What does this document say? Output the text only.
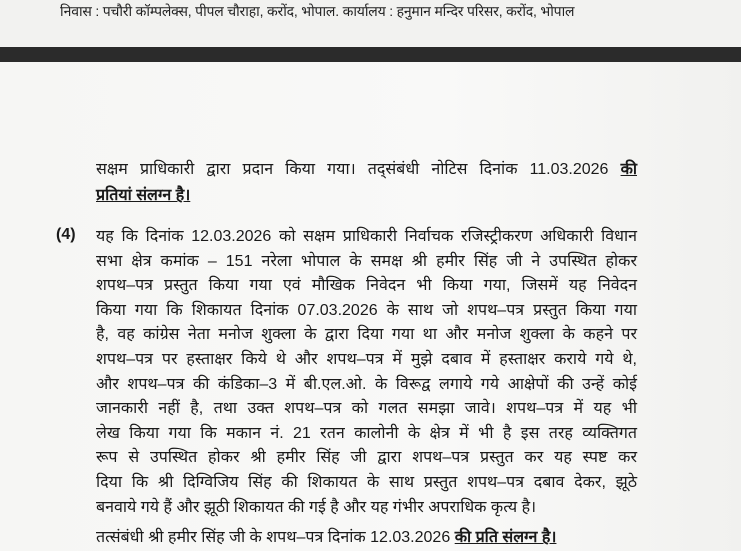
निवास : पचौरी कॉम्पलेक्स, पीपल चौराहा, करोंद, भोपाल. कार्यालय : हनुमान मन्दिर परिसर, करोंद, भोपाल
सक्षम प्राधिकारी द्वारा प्रदान किया गया। तद्संबंधी नोटिस दिनांक 11.03.2026 की
प्रतियां संलग्न है।
(4) यह कि दिनांक 12.03.2026 को सक्षम प्राधिकारी निर्वाचक रजिस्ट्रीकरण अधिकारी विधान
सभा क्षेत्र कमांक – 151 नरेला भोपाल के समक्ष श्री हमीर सिंह जी ने उपस्थित होकर
शपथ–पत्र प्रस्तुत किया गया एवं मौखिक निवेदन भी किया गया, जिसमें यह निवेदन
किया गया कि शिकायत दिनांक 07.03.2026 के साथ जो शपथ–पत्र प्रस्तुत किया गया
है, वह कांग्रेस नेता मनोज शुक्ला के द्वारा दिया गया था और मनोज शुक्ला के कहने पर
शपथ–पत्र पर हस्ताक्षर किये थे और शपथ–पत्र में मुझे दबाव में हस्ताक्षर कराये गये थे,
और शपथ–पत्र की कंडिका–3 में बी.एल.ओ. के विरूद्व लगाये गये आक्षेपों की उन्हें कोई
जानकारी नहीं है, तथा उक्त शपथ–पत्र को गलत समझा जावे। शपथ–पत्र में यह भी
लेख किया गया कि मकान नं. 21 रतन कालोनी के क्षेत्र में भी है इस तरह व्यक्तिगत
रूप से उपस्थित होकर श्री हमीर सिंह जी द्वारा शपथ–पत्र प्रस्तुत कर यह स्पष्ट कर
दिया कि श्री दिग्विजिय सिंह की शिकायत के साथ प्रस्तुत शपथ–पत्र दबाव देकर, झूठे
बनवाये गये हैं और झूठी शिकायत की गई है और यह गंभीर अपराधिक कृत्य है।
तत्संबंधी श्री हमीर सिंह जी के शपथ–पत्र दिनांक 12.03.2026 की प्रति संलग्न है।
